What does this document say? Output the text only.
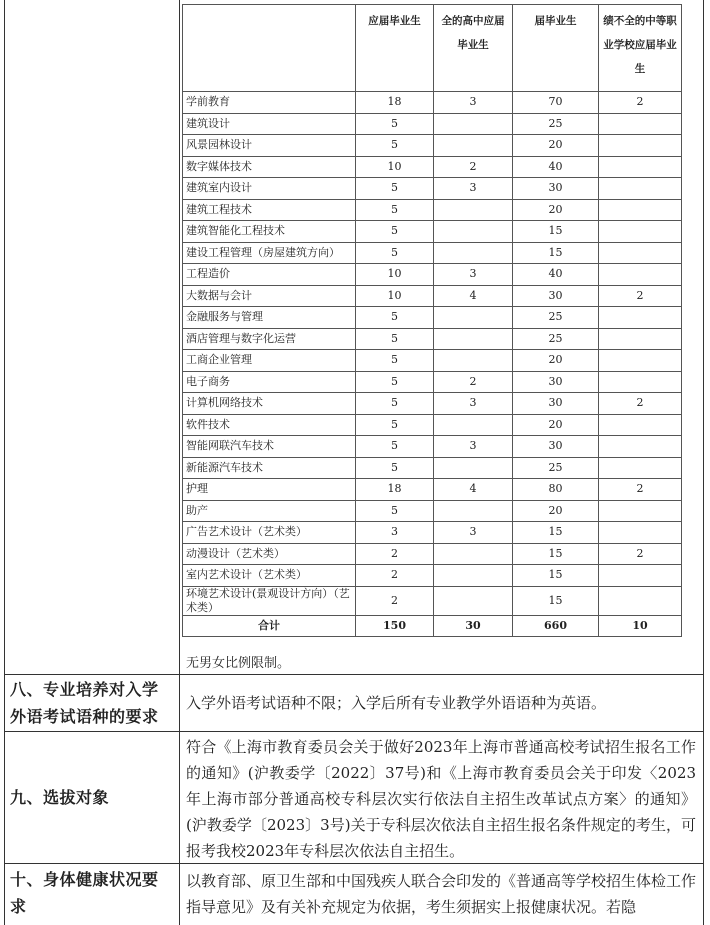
	应届毕业生	全的高中应届毕业生	届毕业生	绩不全的中等职业学校应届毕业生
学前教育	18	3	70	2
建筑设计	5		25	
风景园林设计	5		20	
数字媒体技术	10	2	40	
建筑室内设计	5	3	30	
建筑工程技术	5		20	
建筑智能化工程技术	5		15	
建设工程管理（房屋建筑方向）	5		15	
工程造价	10	3	40	
大数据与会计	10	4	30	2
金融服务与管理	5		25	
酒店管理与数字化运营	5		25	
工商企业管理	5		20	
电子商务	5	2	30	
计算机网络技术	5	3	30	2
软件技术	5		20	
智能网联汽车技术	5	3	30	
新能源汽车技术	5		25	
护理	18	4	80	2
助产	5		20	
广告艺术设计（艺术类）	3	3	15	
动漫设计（艺术类）	2		15	2
室内艺术设计（艺术类）	2		15	
环境艺术设计(景观设计方向）（艺术类）	2		15	
合计	150	30	660	10
无男女比例限制。
八、专业培养对入学外语考试语种的要求
入学外语考试语种不限；入学后所有专业教学外语语种为英语。
九、选拔对象
符合《上海市教育委员会关于做好2023年上海市普通高校考试招生报名工作的通知》(沪教委学〔2022〕37号)和《上海市教育委员会关于印发〈2023年上海市部分普通高校专科层次实行依法自主招生改革试点方案〉的通知》(沪教委学〔2023〕3号)关于专科层次依法自主招生报名条件规定的考生，可报考我校2023年专科层次依法自主招生。
十、身体健康状况要求
以教育部、原卫生部和中国残疾人联合会印发的《普通高等学校招生体检工作指导意见》及有关补充规定为依据，考生须据实上报健康状况。若隐
